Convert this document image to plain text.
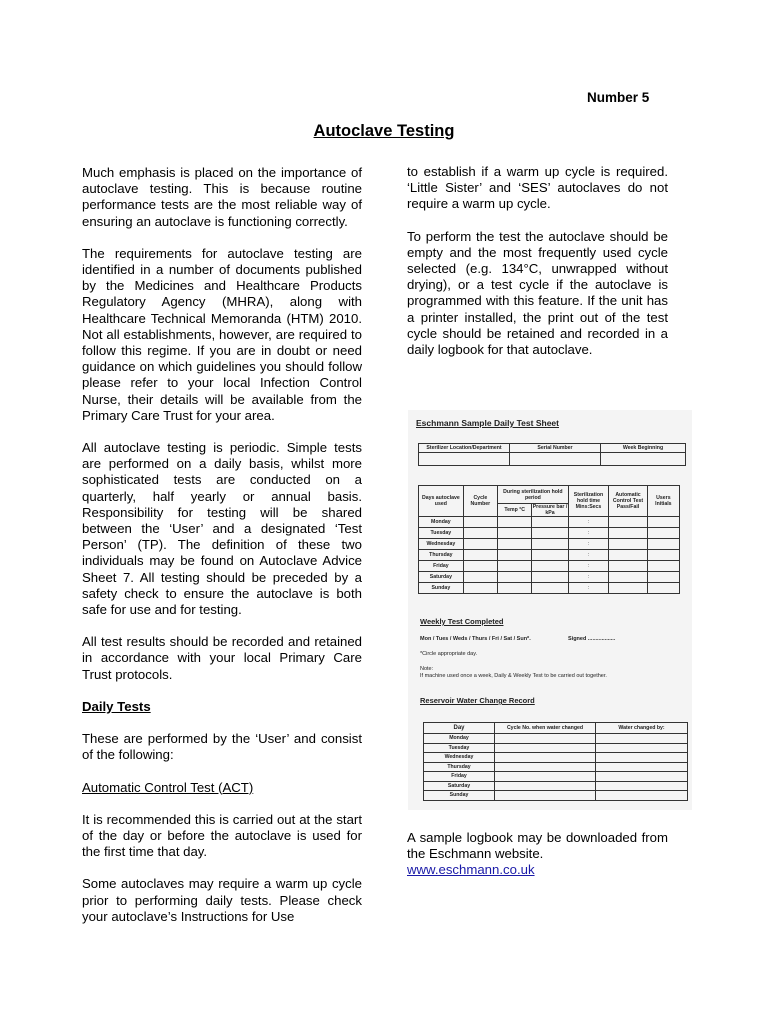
Number 5
Autoclave Testing

Much emphasis is placed on the importance of autoclave testing. This is because routine performance tests are the most reliable way of ensuring an autoclave is functioning correctly.

The requirements for autoclave testing are identified in a number of documents published by the Medicines and Healthcare Products Regulatory Agency (MHRA), along with Healthcare Technical Memoranda (HTM) 2010. Not all establishments, however, are required to follow this regime. If you are in doubt or need guidance on which guidelines you should follow please refer to your local Infection Control Nurse, their details will be available from the Primary Care Trust for your area.

All autoclave testing is periodic. Simple tests are performed on a daily basis, whilst more sophisticated tests are conducted on a quarterly, half yearly or annual basis. Responsibility for testing will be shared between the ‘User’ and a designated ‘Test Person’ (TP). The definition of these two individuals may be found on Autoclave Advice Sheet 7. All testing should be preceded by a safety check to ensure the autoclave is both safe for use and for testing.

All test results should be recorded and retained in accordance with your local Primary Care Trust protocols.

Daily Tests

These are performed by the ‘User’ and consist of the following:

Automatic Control Test (ACT)

It is recommended this is carried out at the start of the day or before the autoclave is used for the first time that day.

Some autoclaves may require a warm up cycle prior to performing daily tests. Please check your autoclave’s Instructions for Use

to establish if a warm up cycle is required. ‘Little Sister’ and ‘SES’ autoclaves do not require a warm up cycle.

To perform the test the autoclave should be empty and the most frequently used cycle selected (e.g. 134°C, unwrapped without drying), or a test cycle if the autoclave is programmed with this feature. If the unit has a printer installed, the print out of the test cycle should be retained and recorded in a daily logbook for that autoclave.

Eschmann Sample Daily Test Sheet
Sterilizer Location/Department	Serial Number	Week Beginning

Days autoclave used	Cycle Number	During sterilization hold period		Sterilization hold time Mins:Secs	Automatic Control Test Pass/Fail	Users Initials
		Temp °C	Pressure bar / kPa			
Monday				:		
Tuesday				:		
Wednesday				:		
Thursday				:		
Friday				:		
Saturday				:		
Sunday				:		
Weekly Test Completed
Mon / Tues / Weds / Thurs / Fri / Sat / Sun*.	Signed ..................
*Circle appropriate day.
Note:
If machine used once a week, Daily & Weekly Test to be carried out together.
Reservoir Water Change Record
Day	Cycle No. when water changed	Water changed by:
Monday		
Tuesday		
Wednesday		
Thursday		
Friday		
Saturday		
Sunday		

A sample logbook may be downloaded from the Eschmann website.

www.eschmann.co.uk
